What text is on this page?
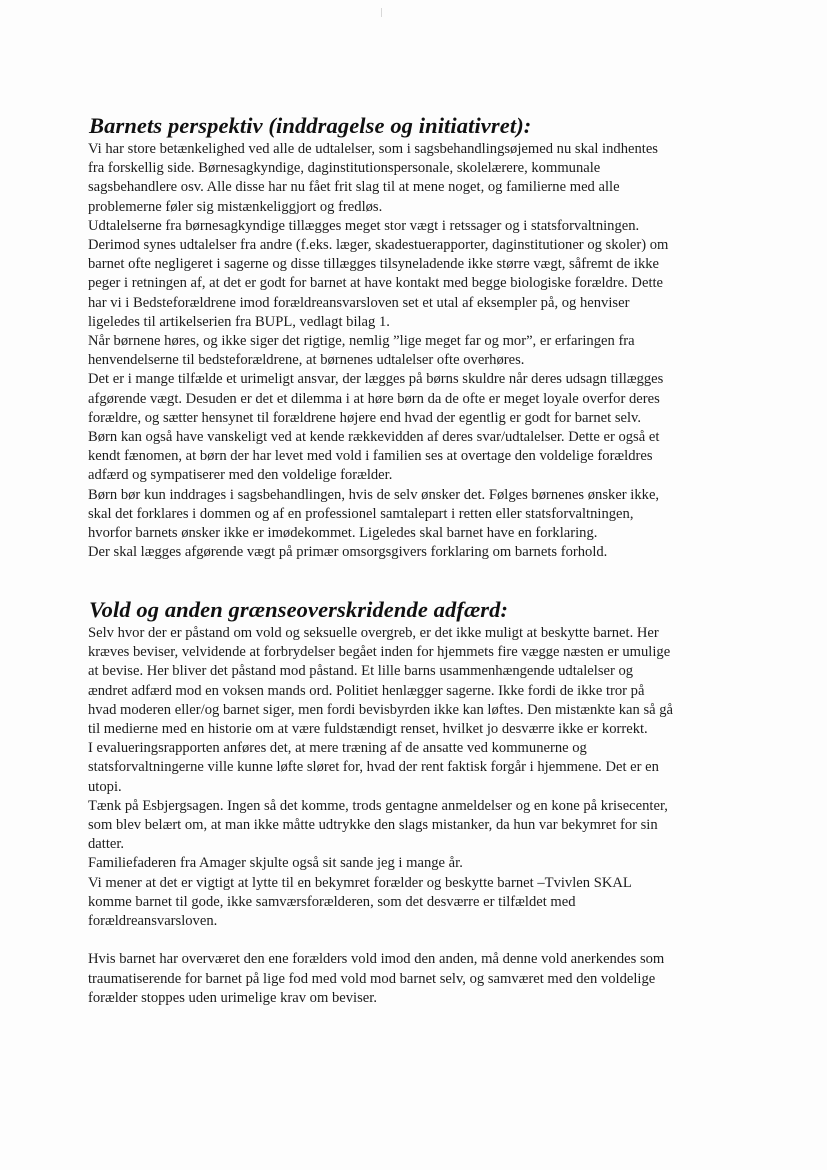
Barnets perspektiv (inddragelse og initiativret):
Vi har store betænkelighed ved alle de udtalelser, som i sagsbehandlingsøjemed nu skal indhentes
fra forskellig side. Børnesagkyndige, daginstitutionspersonale, skolelærere, kommunale
sagsbehandlere osv. Alle disse har nu fået frit slag til at mene noget, og familierne med alle
problemerne føler sig mistænkeliggjort og fredløs.
Udtalelserne fra børnesagkyndige tillægges meget stor vægt i retssager og i statsforvaltningen.
Derimod synes udtalelser fra andre (f.eks. læger, skadestuerapporter, daginstitutioner og skoler) om
barnet ofte negligeret i sagerne og disse tillægges tilsyneladende ikke større vægt, såfremt de ikke
peger i retningen af, at det er godt for barnet at have kontakt med begge biologiske forældre. Dette
har vi i Bedsteforældrene imod forældreansvarsloven set et utal af eksempler på, og henviser
ligeledes til artikelserien fra BUPL, vedlagt bilag 1.
Når børnene høres, og ikke siger det rigtige, nemlig ”lige meget far og mor”, er erfaringen fra
henvendelserne til bedsteforældrene, at børnenes udtalelser ofte overhøres.
Det er i mange tilfælde et urimeligt ansvar, der lægges på børns skuldre når deres udsagn tillægges
afgørende vægt. Desuden er det et dilemma i at høre børn da de ofte er meget loyale overfor deres
forældre, og sætter hensynet til forældrene højere end hvad der egentlig er godt for barnet selv.
Børn kan også have vanskeligt ved at kende rækkevidden af deres svar/udtalelser. Dette er også et
kendt fænomen, at børn der har levet med vold i familien ses at overtage den voldelige forældres
adfærd og sympatiserer med den voldelige forælder.
Børn bør kun inddrages i sagsbehandlingen, hvis de selv ønsker det. Følges børnenes ønsker ikke,
skal det forklares i dommen og af en professionel samtalepart i retten eller statsforvaltningen,
hvorfor barnets ønsker ikke er imødekommet. Ligeledes skal barnet have en forklaring.
Der skal lægges afgørende vægt på primær omsorgsgivers forklaring om barnets forhold.
Vold og anden grænseoverskridende adfærd:
Selv hvor der er påstand om vold og seksuelle overgreb, er det ikke muligt at beskytte barnet. Her
kræves beviser, velvidende at forbrydelser begået inden for hjemmets fire vægge næsten er umulige
at bevise. Her bliver det påstand mod påstand. Et lille barns usammenhængende udtalelser og
ændret adfærd mod en voksen mands ord. Politiet henlægger sagerne. Ikke fordi de ikke tror på
hvad moderen eller/og barnet siger, men fordi bevisbyrden ikke kan løftes. Den mistænkte kan så gå
til medierne med en historie om at være fuldstændigt renset, hvilket jo desværre ikke er korrekt.
I evalueringsrapporten anføres det, at mere træning af de ansatte ved kommunerne og
statsforvaltningerne ville kunne løfte sløret for, hvad der rent faktisk forgår i hjemmene. Det er en
utopi.
Tænk på Esbjergsagen. Ingen så det komme, trods gentagne anmeldelser og en kone på krisecenter,
som blev belært om, at man ikke måtte udtrykke den slags mistanker, da hun var bekymret for sin
datter.
Familiefaderen fra Amager skjulte også sit sande jeg i mange år.
Vi mener at det er vigtigt at lytte til en bekymret forælder og beskytte barnet –Tvivlen SKAL
komme barnet til gode, ikke samværsforælderen, som det desværre er tilfældet med
forældreansvarsloven.
Hvis barnet har overværet den ene forælders vold imod den anden, må denne vold anerkendes som
traumatiserende for barnet på lige fod med vold mod barnet selv, og samværet med den voldelige
forælder stoppes uden urimelige krav om beviser.
